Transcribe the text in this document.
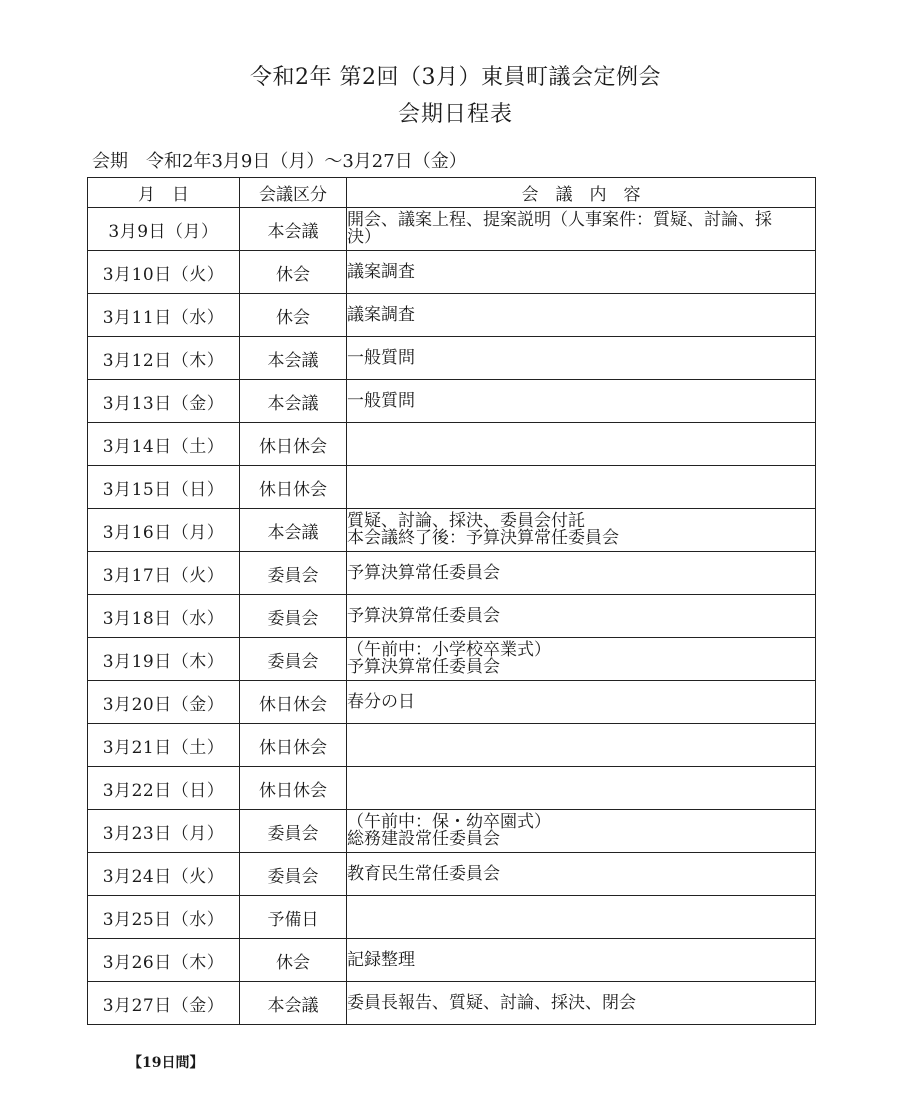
令和2年 第2回（3月）東員町議会定例会
会期日程表
会期　令和2年3月9日（月）～3月27日（金）
月　日	会議区分	会　議　内　容
3月9日（月）	本会議	開会、議案上程、提案説明（人事案件：質疑、討論、採
決）

3月10日（火）	休会	議案調査

3月11日（水）	休会	議案調査

3月12日（木）	本会議	一般質問

3月13日（金）	本会議	一般質問

3月14日（土）	休日休会	
3月15日（日）	休日休会	
3月16日（月）	本会議	質疑、討論、採決、委員会付託
本会議終了後：予算決算常任委員会

3月17日（火）	委員会	予算決算常任委員会

3月18日（水）	委員会	予算決算常任委員会

3月19日（木）	委員会	（午前中：小学校卒業式）
予算決算常任委員会

3月20日（金）	休日休会	春分の日

3月21日（土）	休日休会	
3月22日（日）	休日休会	
3月23日（月）	委員会	（午前中：保・幼卒園式）
総務建設常任委員会

3月24日（火）	委員会	教育民生常任委員会

3月25日（水）	予備日	
3月26日（木）	休会	記録整理

3月27日（金）	本会議	委員長報告、質疑、討論、採決、閉会
【19日間】
